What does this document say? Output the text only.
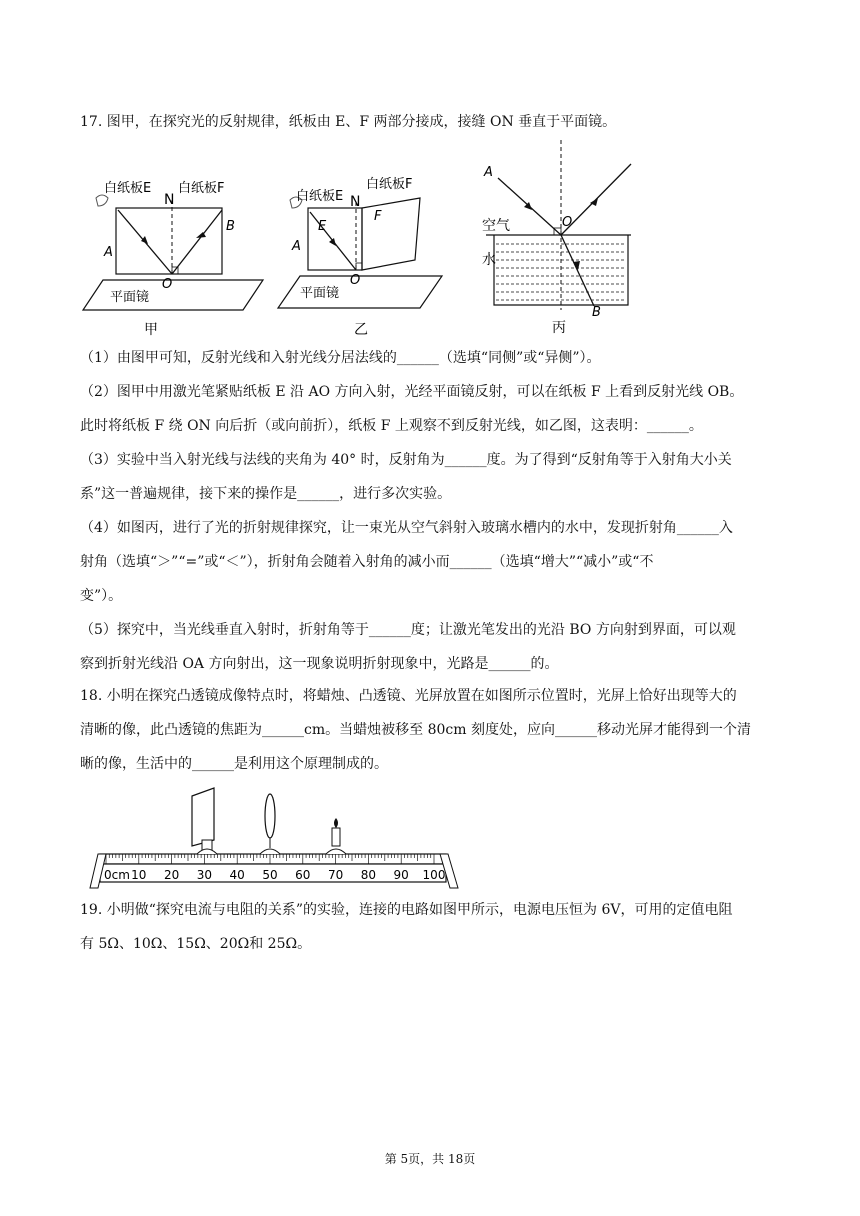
17. 图甲，在探究光的反射规律，纸板由 E、F 两部分接成，接缝 ON 垂直于平面镜。
白纸板E
N
白纸板F
A
B
O
平面镜
甲
白纸板E N
白纸板F
E
F
A
O
平面镜
乙
A
空气	O
水
B
丙
（1）由图甲可知，反射光线和入射光线分居法线的______（选填“同侧”或“异侧”）。
（2）图甲中用激光笔紧贴纸板 E 沿 AO 方向入射，光经平面镜反射，可以在纸板 F 上看到反射光线 OB。
此时将纸板 F 绕 ON 向后折（或向前折），纸板 F 上观察不到反射光线，如乙图，这表明：______。
（3）实验中当入射光线与法线的夹角为 40° 时，反射角为______度。为了得到“反射角等于入射角大小关
系”这一普遍规律，接下来的操作是______，进行多次实验。
（4）如图丙，进行了光的折射规律探究，让一束光从空气斜射入玻璃水槽内的水中，发现折射角______入
射角（选填“＞”“=”或“＜”），折射角会随着入射角的减小而______（选填“增大”“减小”或“不
变”）。
（5）探究中，当光线垂直入射时，折射角等于______度；让激光笔发出的光沿 BO 方向射到界面，可以观
察到折射光线沿 OA 方向射出，这一现象说明折射现象中，光路是______的。
18. 小明在探究凸透镜成像特点时，将蜡烛、凸透镜、光屏放置在如图所示位置时，光屏上恰好出现等大的
清晰的像，此凸透镜的焦距为______cm。当蜡烛被移至 80cm 刻度处，应向______移动光屏才能得到一个清
晰的像，生活中的______是利用这个原理制成的。
0cm 10 20 30 40 50 60 70 80 90 100
19. 小明做“探究电流与电阻的关系”的实验，连接的电路如图甲所示，电源电压恒为 6V，可用的定值电阻
有 5Ω、10Ω、15Ω、20Ω和 25Ω。
第 5页，共 18页
